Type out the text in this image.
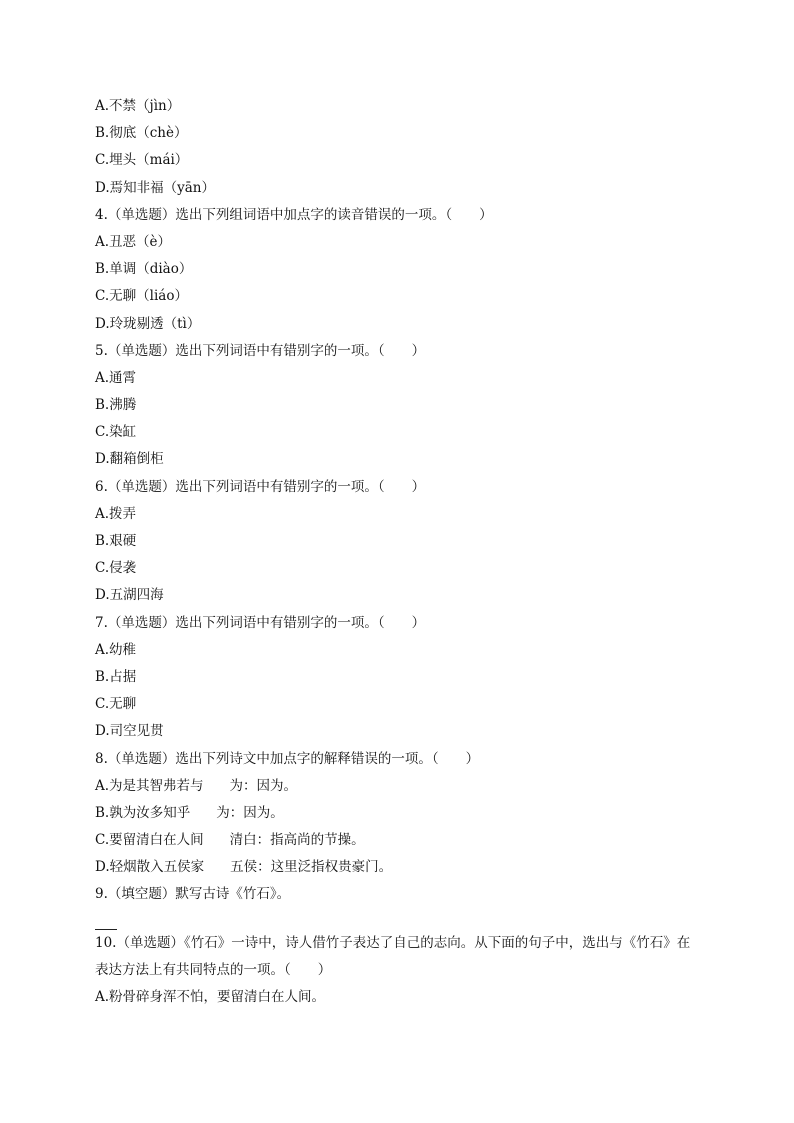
A.不禁（jìn）
B.彻底（chè）
C.埋头（mái）
D.焉知非福（yān）
4.（单选题）选出下列组词语中加点字的读音错误的一项。（　　）
A.丑恶（è）
B.单调（diào）
C.无聊（liáo）
D.玲珑剔透（tì）
5.（单选题）选出下列词语中有错别字的一项。（　　）
A.通霄
B.沸腾
C.染缸
D.翻箱倒柜
6.（单选题）选出下列词语中有错别字的一项。（　　）
A.拨弄
B.艰硬
C.侵袭
D.五湖四海
7.（单选题）选出下列词语中有错别字的一项。（　　）
A.幼稚
B.占据
C.无聊
D.司空见贯
8.（单选题）选出下列诗文中加点字的解释错误的一项。（　　）
A.为是其智弗若与 为：因为。
B.孰为汝多知乎 为：因为。
C.要留清白在人间 清白：指高尚的节操。
D.轻烟散入五侯家 五侯：这里泛指权贵豪门。
9.（填空题）默写古诗《竹石》。
10.（单选题）《竹石》一诗中，诗人借竹子表达了自己的志向。从下面的句子中，选出与《竹石》在表达方法上有共同特点的一项。（　　）
A.粉骨碎身浑不怕，要留清白在人间。
